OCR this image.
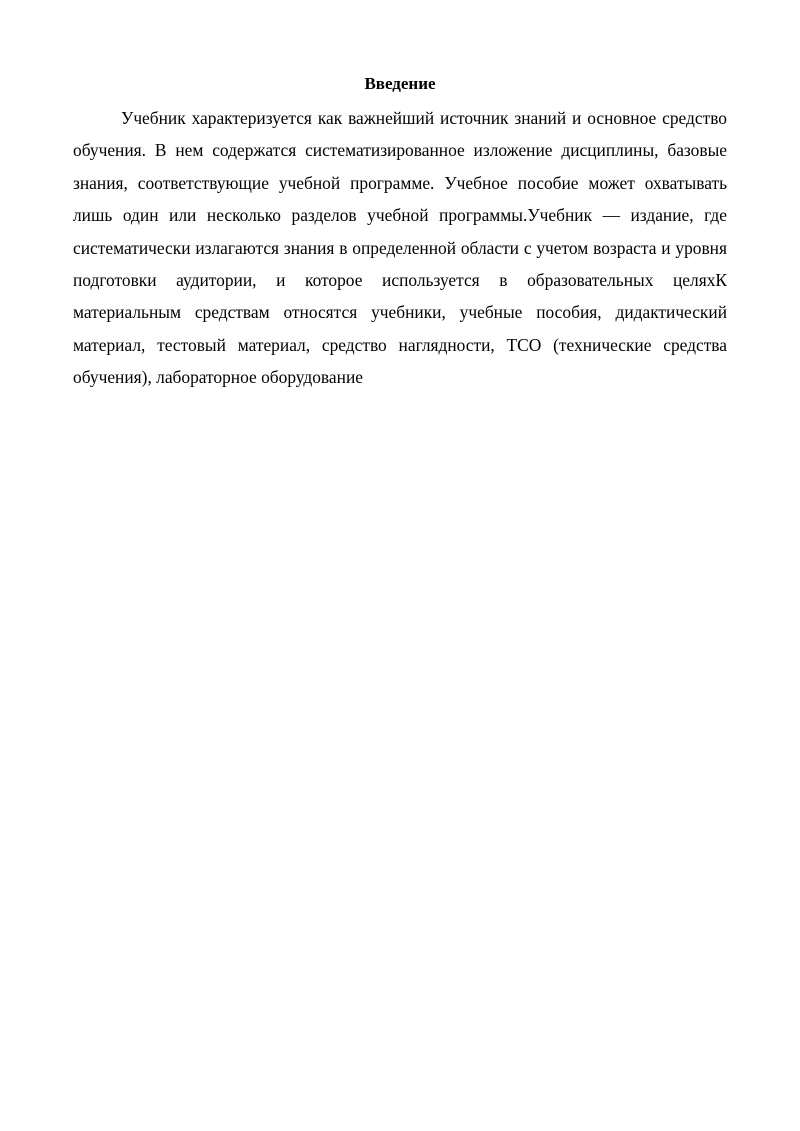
Введение

Учебник характеризуется как важнейший источник знаний и основное средство обучения. В нем содержатся систематизированное изложение дисциплины, базовые знания, соответствующие учебной программе. Учебное пособие может охватывать лишь один или несколько разделов учебной программы.Учебник — издание, где систематически излагаются знания в определенной области с учетом возраста и уровня подготовки аудитории, и которое используется в образовательных целяхК материальным средствам относятся учебники, учебные пособия, дидактический материал, тестовый материал, средство наглядности, ТСО (технические средства обучения), лабораторное оборудование
